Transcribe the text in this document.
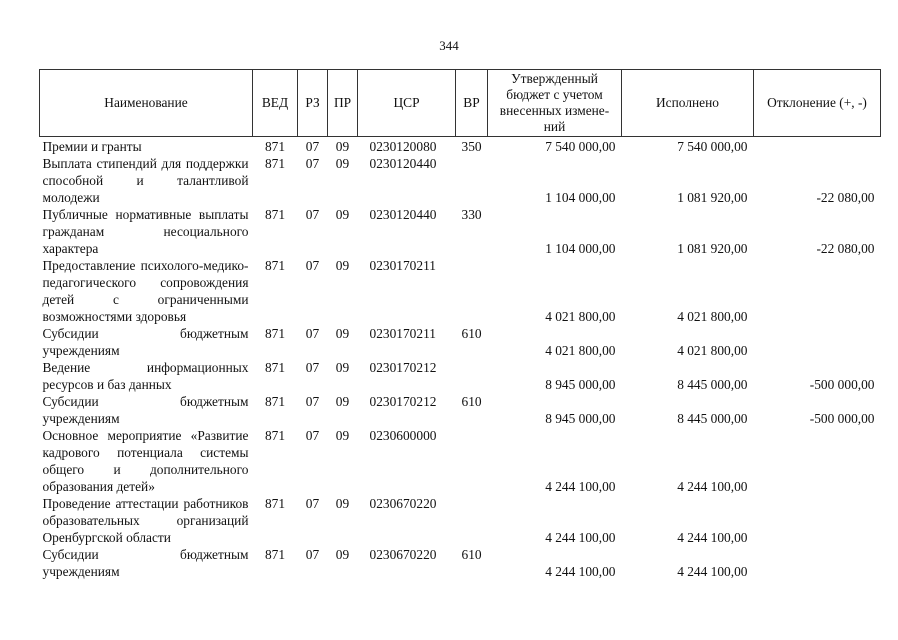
344
Наименование	ВЕД	РЗ	ПР	ЦСР	ВР	Утвержденный бюджет с учетом внесенных измене-ний	Исполнено	Отклонение (+, -)
Премии и гранты	871	07	09	0230120080	350	7 540 000,00	7 540 000,00	
Выплата стипендий для поддержки способной и талантливой молодежи	871	07	09	0230120440		1 104 000,00	1 081 920,00	-22 080,00
Публичные нормативные выплаты гражданам несоциального характера	871	07	09	0230120440	330	1 104 000,00	1 081 920,00	-22 080,00
Предоставление психолого-медико-педагогического сопровождения детей с ограниченными возможностями здоровья	871	07	09	0230170211		4 021 800,00	4 021 800,00	
Субсидии бюджетным учреждениям	871	07	09	0230170211	610	4 021 800,00	4 021 800,00	
Ведение информационных ресурсов и баз данных	871	07	09	0230170212		8 945 000,00	8 445 000,00	-500 000,00
Субсидии бюджетным учреждениям	871	07	09	0230170212	610	8 945 000,00	8 445 000,00	-500 000,00
Основное мероприятие «Развитие кадрового потенциала системы общего и дополнительного образования детей»	871	07	09	0230600000		4 244 100,00	4 244 100,00	
Проведение аттестации работников образовательных организаций Оренбургской области	871	07	09	0230670220		4 244 100,00	4 244 100,00	
Субсидии бюджетным учреждениям	871	07	09	0230670220	610	4 244 100,00	4 244 100,00	
